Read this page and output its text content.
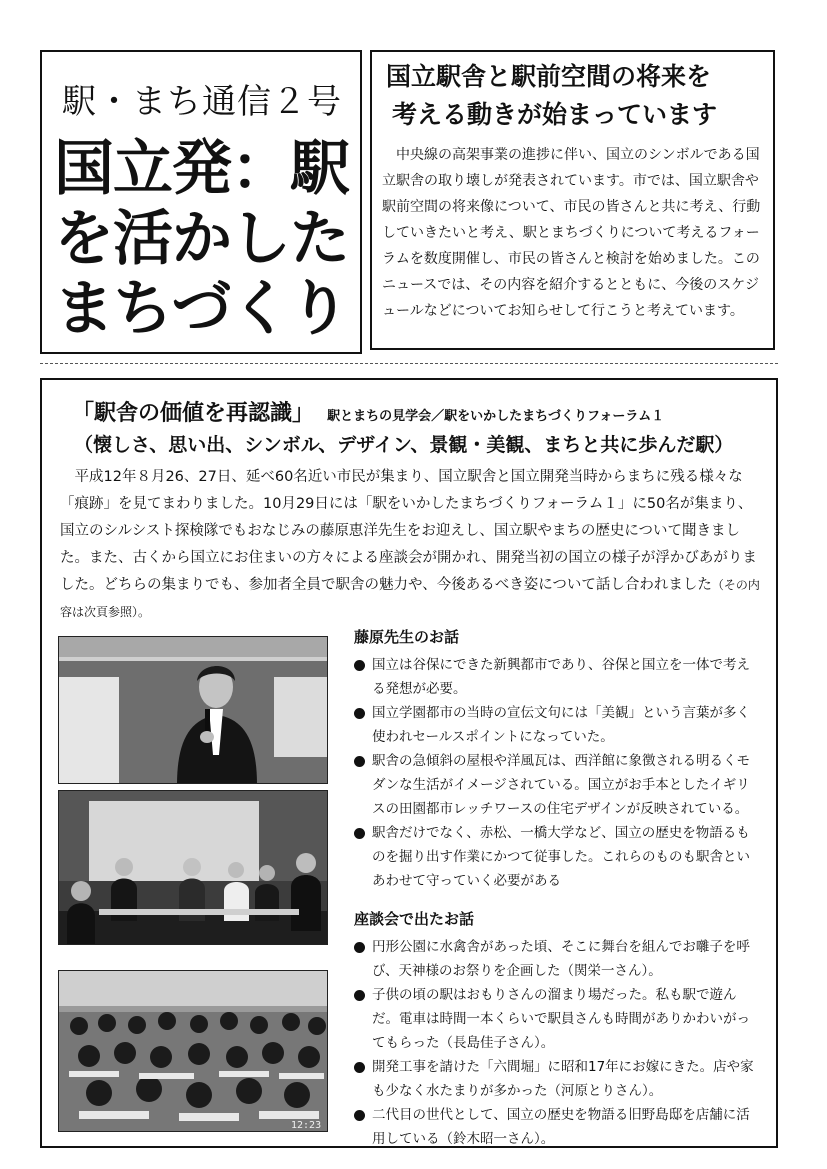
駅・まち通信２号
国立発：駅
を活かした
まちづくり
国立駅舎と駅前空間の将来を
考える動きが始まっています

中央線の高架事業の進捗に伴い、国立のシンボルである国立駅舎の取り壊しが発表されています。市では、国立駅舎や駅前空間の将来像について、市民の皆さんと共に考え、行動していきたいと考え、駅とまちづくりについて考えるフォーラムを数度開催し、市民の皆さんと検討を始めました。このニュースでは、その内容を紹介するとともに、今後のスケジュールなどについてお知らせして行こうと考えています。

「駅舎の価値を再認識」 駅とまちの見学会／駅をいかしたまちづくりフォーラム１
（懐しさ、思い出、シンボル、デザイン、景観・美観、まちと共に歩んだ駅）

平成12年８月26、27日、延べ60名近い市民が集まり、国立駅舎と国立開発当時からまちに残る様々な「痕跡」を見てまわりました。10月29日には「駅をいかしたまちづくりフォーラム１」に50名が集まり、国立のシルシスト探検隊でもおなじみの藤原恵洋先生をお迎えし、国立駅やまちの歴史について聞きました。また、古くから国立にお住まいの方々による座談会が開かれ、開発当初の国立の様子が浮かびあがりました。どちらの集まりでも、参加者全員で駅舎の魅力や、今後あるべき姿について話し合われました（その内容は次頁参照）。

12:23
藤原先生のお話
国立は谷保にできた新興都市であり、谷保と国立を一体で考える発想が必要。
国立学園都市の当時の宣伝文句には「美観」という言葉が多く使われセールスポイントになっていた。
駅舎の急傾斜の屋根や洋風瓦は、西洋館に象徴される明るくモダンな生活がイメージされている。国立がお手本としたイギリスの田園都市レッチワースの住宅デザインが反映されている。
駅舎だけでなく、赤松、一橋大学など、国立の歴史を物語るものを掘り出す作業にかつて従事した。これらのものも駅舎といあわせて守っていく必要がある
座談会で出たお話
円形公園に水禽舎があった頃、そこに舞台を組んでお囃子を呼び、天神様のお祭りを企画した（関栄一さん）。
子供の頃の駅はおもりさんの溜まり場だった。私も駅で遊んだ。電車は時間一本くらいで駅員さんも時間がありかわいがってもらった（長島佳子さん）。
開発工事を請けた「六間堀」に昭和17年にお嫁にきた。店や家も少なく水たまりが多かった（河原とりさん）。
二代目の世代として、国立の歴史を物語る旧野島邸を店舗に活用している（鈴木昭一さん）。
